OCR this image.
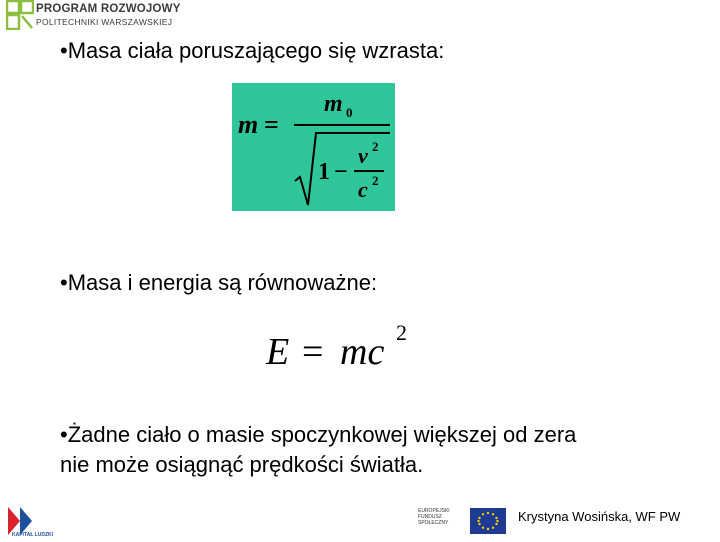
PROGRAM ROZWOJOWY
POLITECHNIKI WARSZAWSKIEJ
•Masa ciała poruszającego się wzrasta:
m =
m 0
1 −
v 2
c 2
•Masa i energia są równoważne:
E = mc 2
•Żadne ciało o masie spoczynkowej większej od zera nie może osiągnąć prędkości światła.
KAPITAŁ LUDZKI
EUROPEJSKI FUNDUSZ SPOŁECZNY	Krystyna Wosińska, WF PW
